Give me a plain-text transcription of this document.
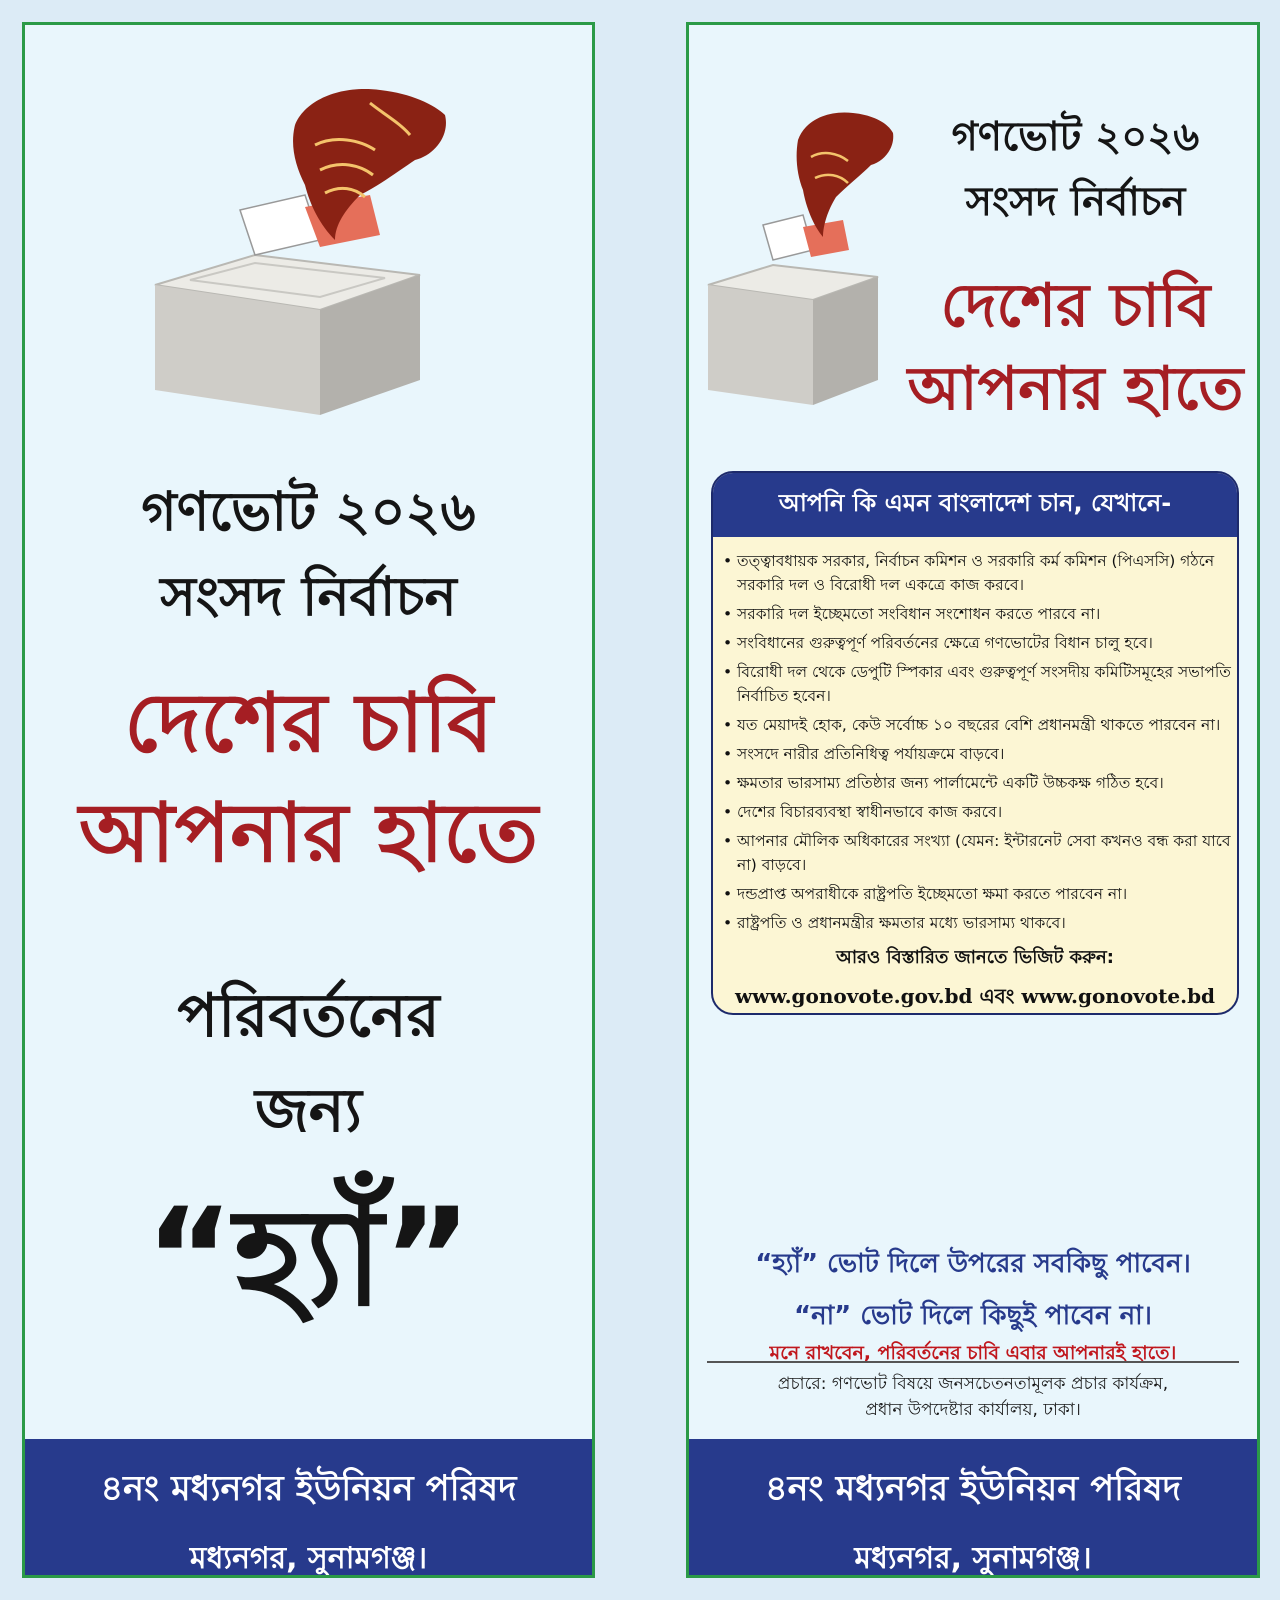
গণভোট ২০২৬
সংসদ নির্বাচন
দেশের চাবি
আপনার হাতে
পরিবর্তনের
জন্য
“হ্যাঁ”
৪নং মধ্যনগর ইউনিয়ন পরিষদ
মধ্যনগর, সুনামগঞ্জ।
গণভোট ২০২৬
সংসদ নির্বাচন
দেশের চাবি
আপনার হাতে
আপনি কি এমন বাংলাদেশ চান, যেখানে-
• তত্ত্বাবধায়ক সরকার, নির্বাচন কমিশন ও সরকারি কর্ম কমিশন (পিএসসি) গঠনে সরকারি দল ও বিরোধী দল একত্রে কাজ করবে।
• সরকারি দল ইচ্ছেমতো সংবিধান সংশোধন করতে পারবে না।
• সংবিধানের গুরুত্বপূর্ণ পরিবর্তনের ক্ষেত্রে গণভোটের বিধান চালু হবে।
• বিরোধী দল থেকে ডেপুটি স্পিকার এবং গুরুত্বপূর্ণ সংসদীয় কমিটিসমূহের সভাপতি নির্বাচিত হবেন।
• যত মেয়াদই হোক, কেউ সর্বোচ্চ ১০ বছরের বেশি প্রধানমন্ত্রী থাকতে পারবেন না।
• সংসদে নারীর প্রতিনিধিত্ব পর্যায়ক্রমে বাড়বে।
• ক্ষমতার ভারসাম্য প্রতিষ্ঠার জন্য পার্লামেন্টে একটি উচ্চকক্ষ গঠিত হবে।
• দেশের বিচারব্যবস্থা স্বাধীনভাবে কাজ করবে।
• আপনার মৌলিক অধিকারের সংখ্যা (যেমন: ইন্টারনেট সেবা কখনও বন্ধ করা যাবে না) বাড়বে।
• দন্ডপ্রাপ্ত অপরাধীকে রাষ্ট্রপতি ইচ্ছেমতো ক্ষমা করতে পারবেন না।
• রাষ্ট্রপতি ও প্রধানমন্ত্রীর ক্ষমতার মধ্যে ভারসাম্য থাকবে।
আরও বিস্তারিত জানতে ভিজিট করুন:
www.gonovote.gov.bd এবং www.gonovote.bd
“হ্যাঁ” ভোট দিলে উপরের সবকিছু পাবেন।
“না” ভোট দিলে কিছুই পাবেন না।
মনে রাখবেন, পরিবর্তনের চাবি এবার আপনারই হাতে।
প্রচারে: গণভোট বিষয়ে জনসচেতনতামূলক প্রচার কার্যক্রম,
প্রধান উপদেষ্টার কার্যালয়, ঢাকা।
৪নং মধ্যনগর ইউনিয়ন পরিষদ
মধ্যনগর, সুনামগঞ্জ।
